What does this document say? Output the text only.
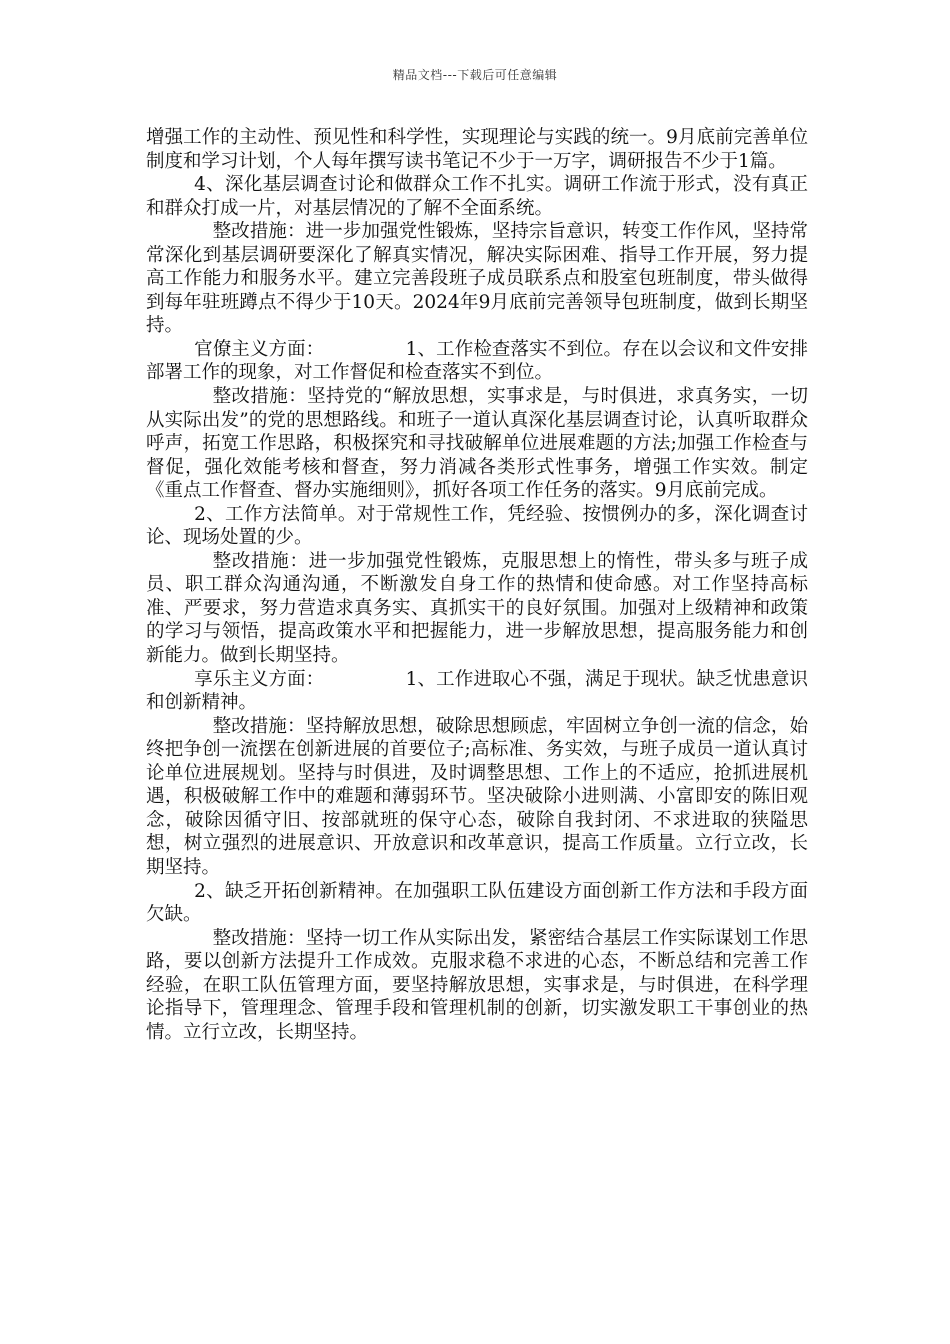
精品文档---下载后可任意编辑

增强工作的主动性、预见性和科学性，实现理论与实践的统一。9月底前完善单位制度和学习计划，个人每年撰写读书笔记不少于一万字，调研报告不少于1篇。

4、深化基层调查讨论和做群众工作不扎实。调研工作流于形式，没有真正和群众打成一片，对基层情况的了解不全面系统。

整改措施：进一步加强党性锻炼，坚持宗旨意识，转变工作作风，坚持常常深化到基层调研要深化了解真实情况，解决实际困难、指导工作开展，努力提高工作能力和服务水平。建立完善段班子成员联系点和股室包班制度，带头做得到每年驻班蹲点不得少于10天。2024年9月底前完善领导包班制度，做到长期坚持。

官僚主义方面：	1、工作检查落实不到位。存在以会议和文件安排部署工作的现象，对工作督促和检查落实不到位。

整改措施：坚持党的“解放思想，实事求是，与时俱进，求真务实，一切从实际出发”的党的思想路线。和班子一道认真深化基层调查讨论，认真听取群众呼声，拓宽工作思路，积极探究和寻找破解单位进展难题的方法;加强工作检查与督促，强化效能考核和督查，努力消减各类形式性事务，增强工作实效。制定《重点工作督查、督办实施细则》，抓好各项工作任务的落实。9月底前完成。

2、工作方法简单。对于常规性工作，凭经验、按惯例办的多，深化调查讨论、现场处置的少。

整改措施：进一步加强党性锻炼，克服思想上的惰性，带头多与班子成员、职工群众沟通沟通，不断激发自身工作的热情和使命感。对工作坚持高标准、严要求，努力营造求真务实、真抓实干的良好氛围。加强对上级精神和政策的学习与领悟，提高政策水平和把握能力，进一步解放思想，提高服务能力和创新能力。做到长期坚持。

享乐主义方面：	1、工作进取心不强，满足于现状。缺乏忧患意识和创新精神。

整改措施：坚持解放思想，破除思想顾虑，牢固树立争创一流的信念，始终把争创一流摆在创新进展的首要位子;高标准、务实效，与班子成员一道认真讨论单位进展规划。坚持与时俱进，及时调整思想、工作上的不适应，抢抓进展机遇，积极破解工作中的难题和薄弱环节。坚决破除小进则满、小富即安的陈旧观念，破除因循守旧、按部就班的保守心态，破除自我封闭、不求进取的狭隘思想，树立强烈的进展意识、开放意识和改革意识，提高工作质量。立行立改，长期坚持。

2、缺乏开拓创新精神。在加强职工队伍建设方面创新工作方法和手段方面欠缺。

整改措施：坚持一切工作从实际出发，紧密结合基层工作实际谋划工作思路，要以创新方法提升工作成效。克服求稳不求进的心态，不断总结和完善工作经验，在职工队伍管理方面，要坚持解放思想，实事求是，与时俱进，在科学理论指导下，管理理念、管理手段和管理机制的创新，切实激发职工干事创业的热情。立行立改，长期坚持。
